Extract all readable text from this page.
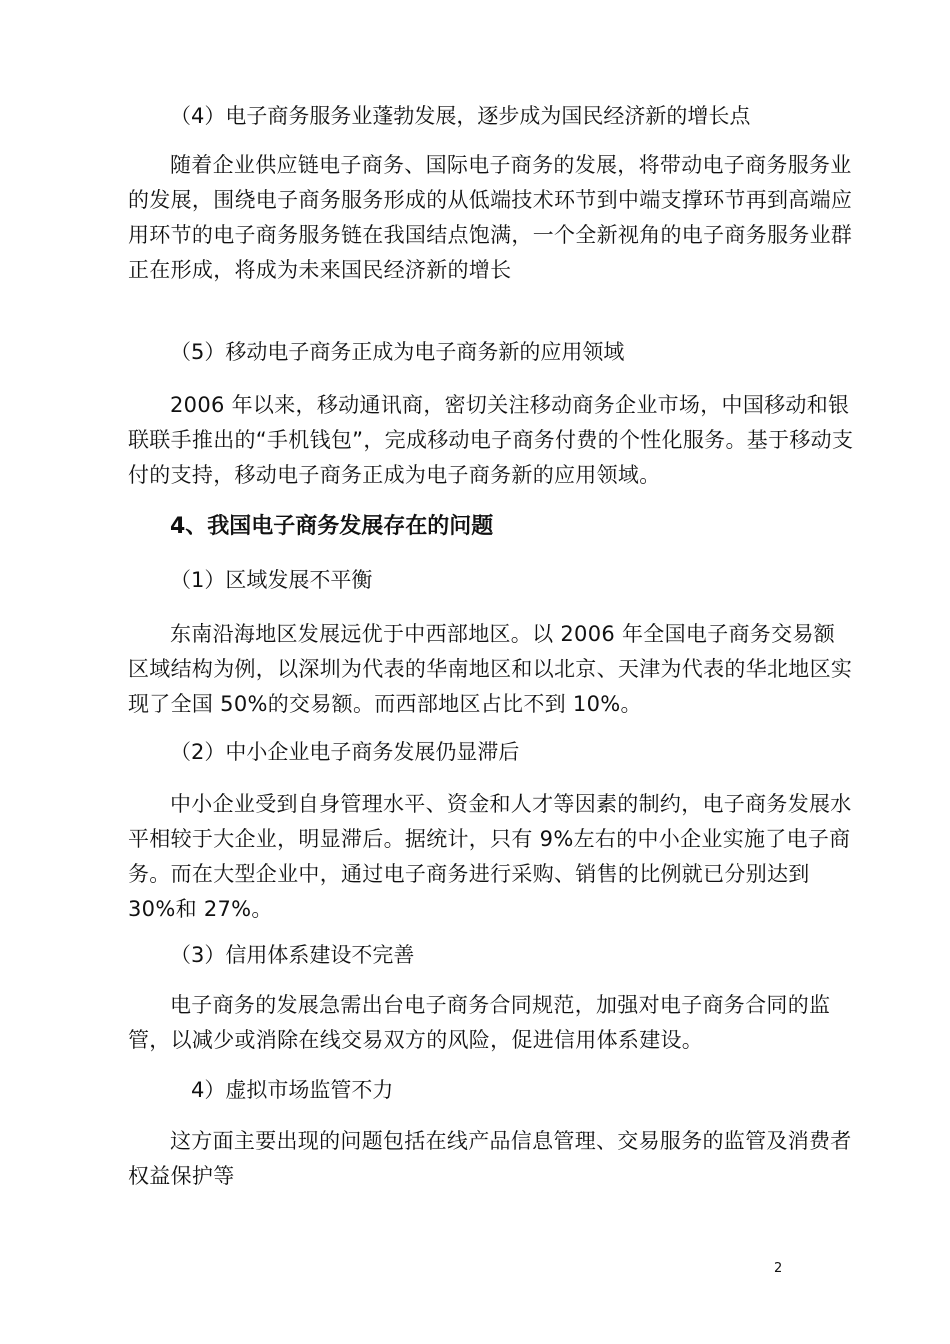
（4）电子商务服务业蓬勃发展，逐步成为国民经济新的增长点
随着企业供应链电子商务、国际电子商务的发展，将带动电子商务服务业的发展，围绕电子商务服务形成的从低端技术环节到中端支撑环节再到高端应用环节的电子商务服务链在我国结点饱满，一个全新视角的电子商务服务业群正在形成，将成为未来国民经济新的增长
（5）移动电子商务正成为电子商务新的应用领域
2006 年以来，移动通讯商，密切关注移动商务企业市场，中国移动和银联联手推出的“手机钱包”，完成移动电子商务付费的个性化服务。基于移动支付的支持，移动电子商务正成为电子商务新的应用领域。
4、我国电子商务发展存在的问题
（1）区域发展不平衡
东南沿海地区发展远优于中西部地区。以 2006 年全国电子商务交易额区域结构为例，以深圳为代表的华南地区和以北京、天津为代表的华北地区实现了全国 50%的交易额。而西部地区占比不到 10%。
（2）中小企业电子商务发展仍显滞后
中小企业受到自身管理水平、资金和人才等因素的制约，电子商务发展水平相较于大企业，明显滞后。据统计，只有 9%左右的中小企业实施了电子商务。而在大型企业中，通过电子商务进行采购、销售的比例就已分别达到 30%和 27%。
（3）信用体系建设不完善
电子商务的发展急需出台电子商务合同规范，加强对电子商务合同的监管，以减少或消除在线交易双方的风险，促进信用体系建设。
4）虚拟市场监管不力
这方面主要出现的问题包括在线产品信息管理、交易服务的监管及消费者权益保护等
2
